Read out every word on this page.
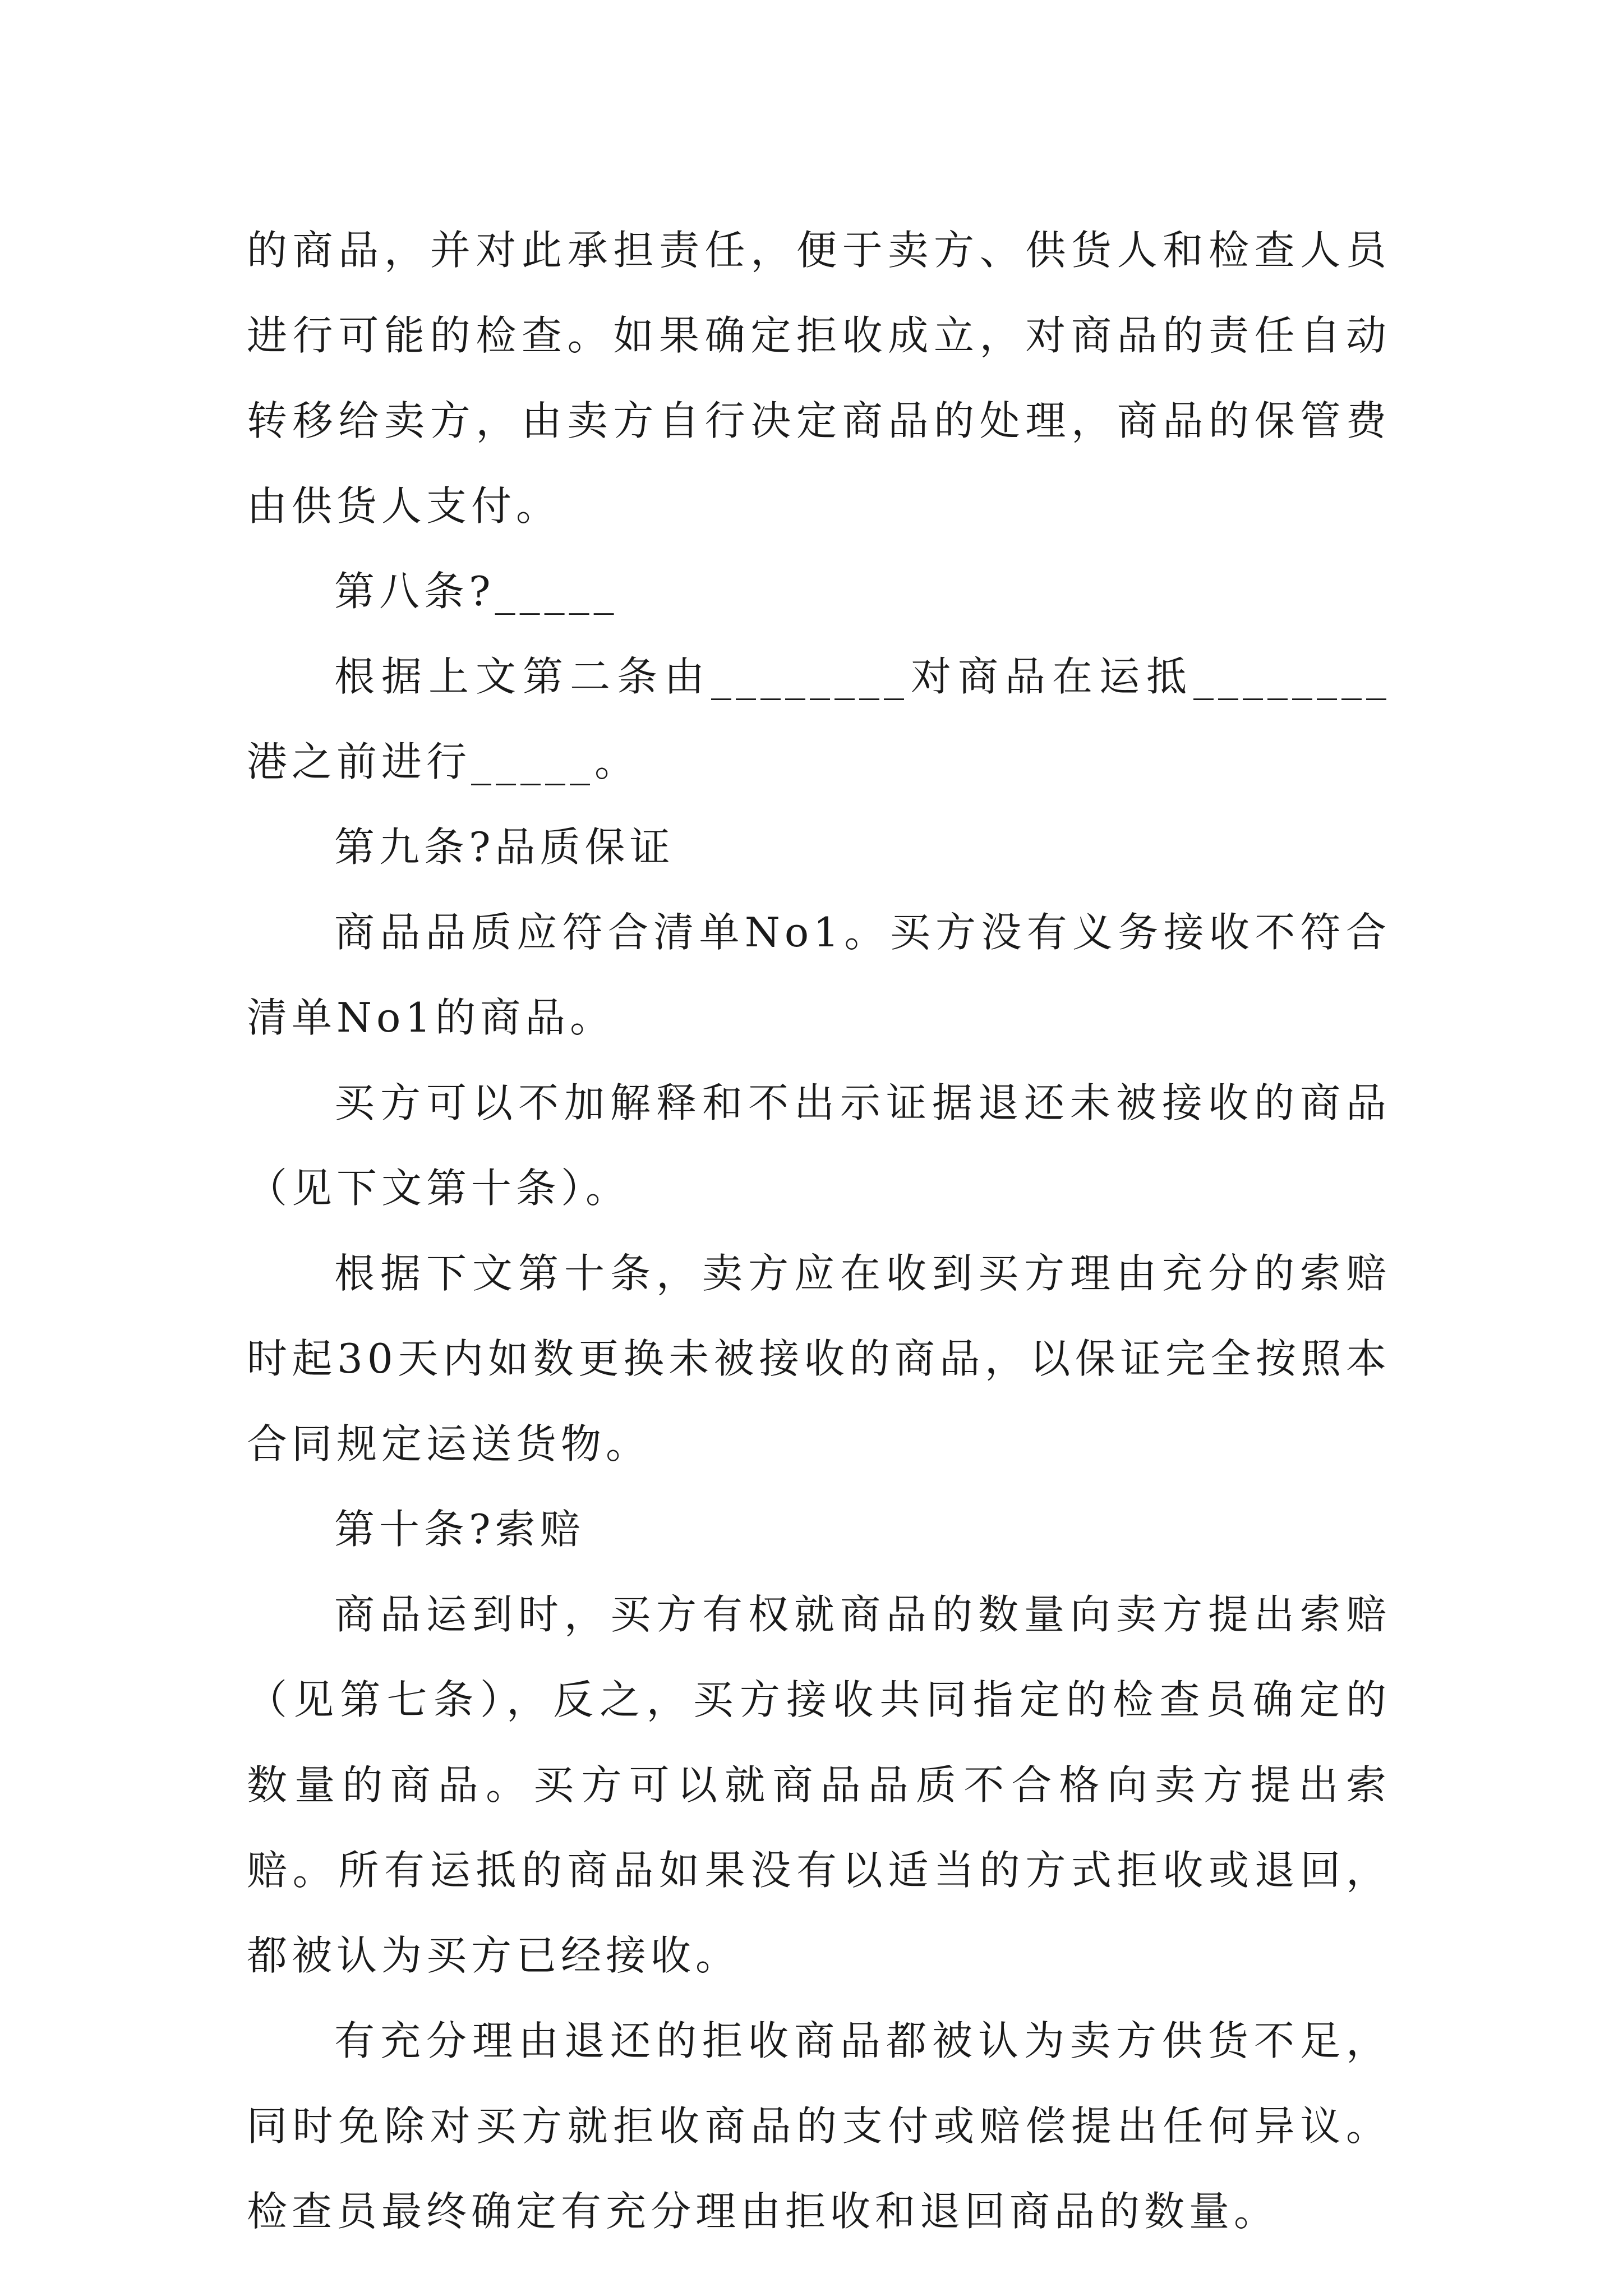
的商品，并对此承担责任，便于卖方、供货人和检查人员进行可能的检查。如果确定拒收成立，对商品的责任自动转移给卖方，由卖方自行决定商品的处理，商品的保管费由供货人支付。

第八条?_____

根据上文第二条由________对商品在运抵________港之前进行_____。

第九条?品质保证

商品品质应符合清单No1。买方没有义务接收不符合清单No1的商品。

买方可以不加解释和不出示证据退还未被接收的商品（见下文第十条）。

根据下文第十条，卖方应在收到买方理由充分的索赔时起30天内如数更换未被接收的商品，以保证完全按照本合同规定运送货物。

第十条?索赔

商品运到时，买方有权就商品的数量向卖方提出索赔（见第七条），反之，买方接收共同指定的检查员确定的数量的商品。买方可以就商品品质不合格向卖方提出索赔。所有运抵的商品如果没有以适当的方式拒收或退回，都被认为买方已经接收。

有充分理由退还的拒收商品都被认为卖方供货不足，同时免除对买方就拒收商品的支付或赔偿提出任何异议。检查员最终确定有充分理由拒收和退回商品的数量。
